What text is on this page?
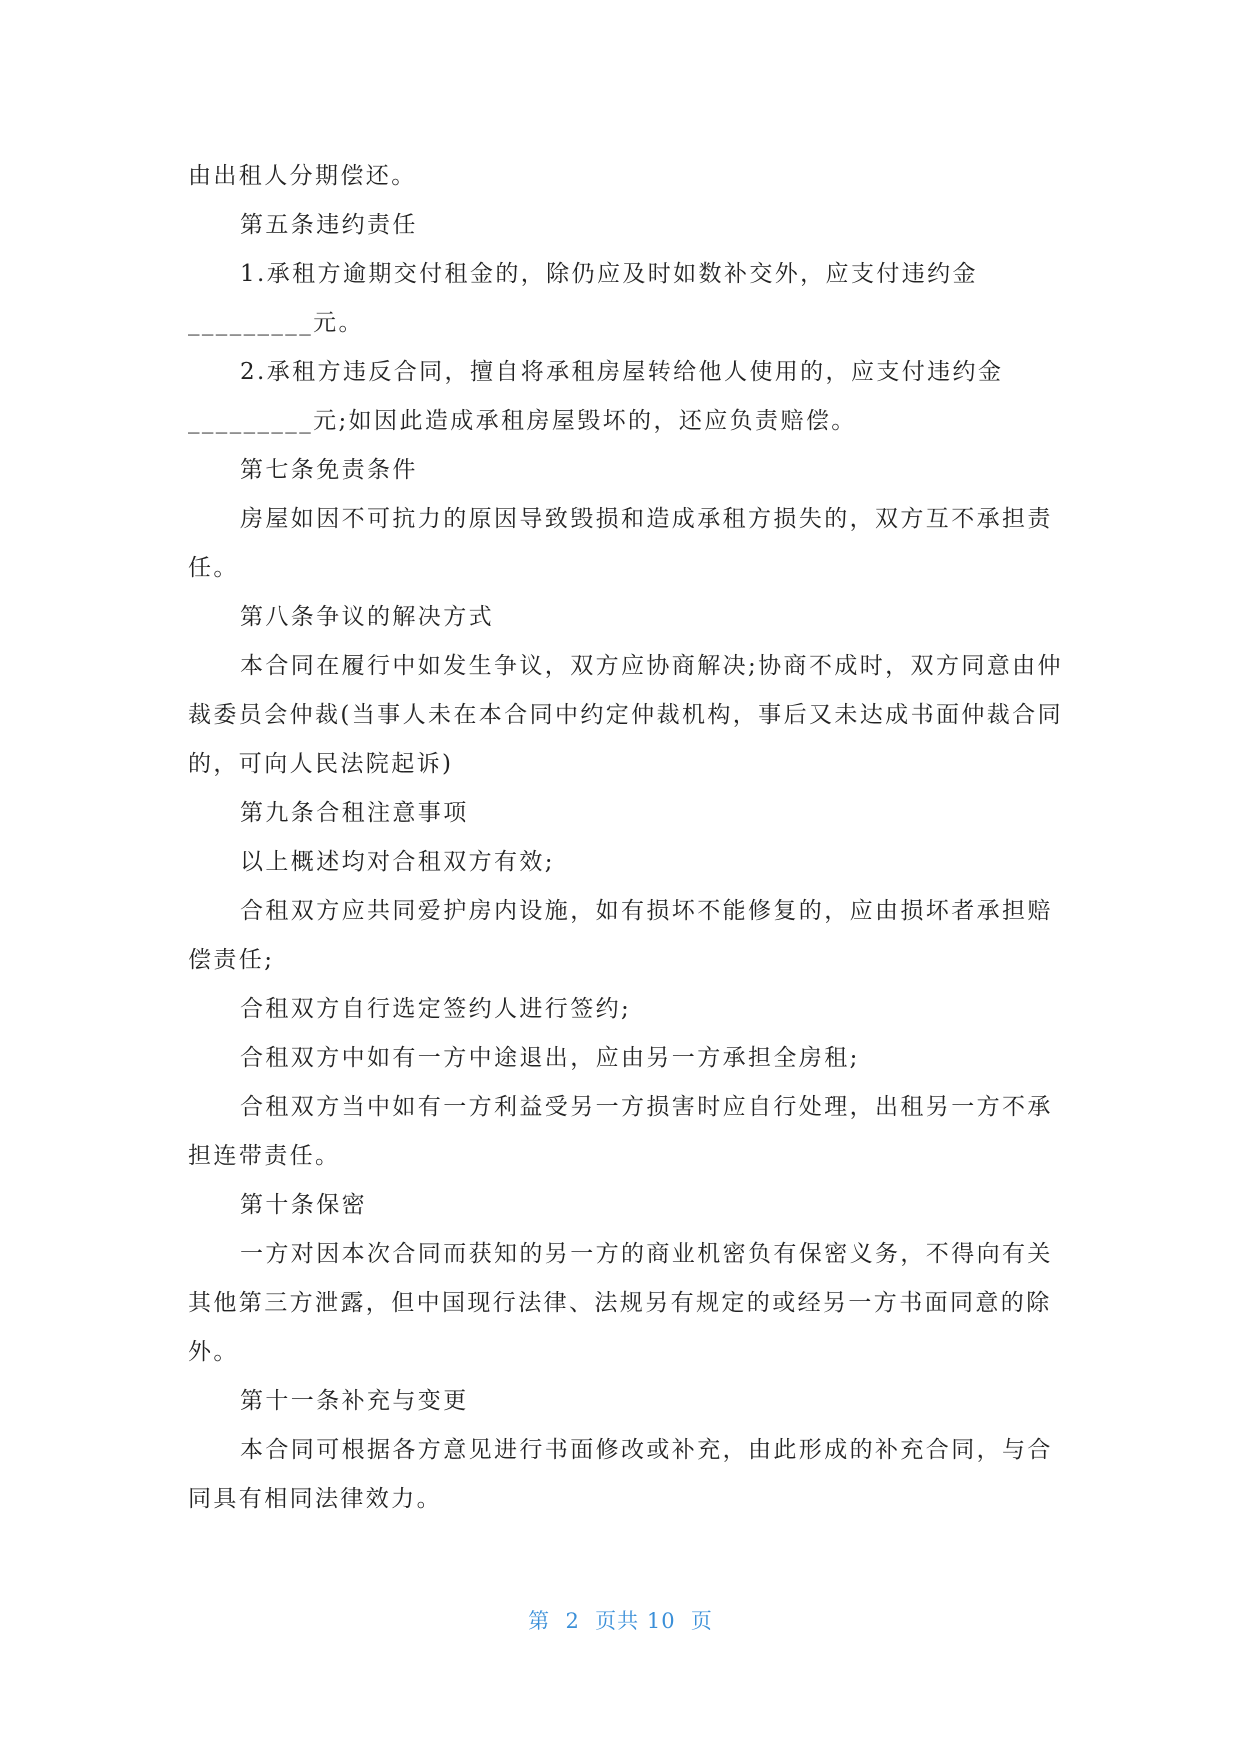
由出租人分期偿还。
第五条违约责任
1.承租方逾期交付租金的，除仍应及时如数补交外，应支付违约金
_________元。
2.承租方违反合同，擅自将承租房屋转给他人使用的，应支付违约金
_________元;如因此造成承租房屋毁坏的，还应负责赔偿。
第七条免责条件
房屋如因不可抗力的原因导致毁损和造成承租方损失的，双方互不承担责
任。
第八条争议的解决方式
本合同在履行中如发生争议，双方应协商解决;协商不成时，双方同意由仲
裁委员会仲裁(当事人未在本合同中约定仲裁机构，事后又未达成书面仲裁合同
的，可向人民法院起诉)
第九条合租注意事项
以上概述均对合租双方有效;
合租双方应共同爱护房内设施，如有损坏不能修复的，应由损坏者承担赔
偿责任;
合租双方自行选定签约人进行签约;
合租双方中如有一方中途退出，应由另一方承担全房租;
合租双方当中如有一方利益受另一方损害时应自行处理，出租另一方不承
担连带责任。
第十条保密
一方对因本次合同而获知的另一方的商业机密负有保密义务，不得向有关
其他第三方泄露，但中国现行法律、法规另有规定的或经另一方书面同意的除
外。
第十一条补充与变更
本合同可根据各方意见进行书面修改或补充，由此形成的补充合同，与合
同具有相同法律效力。
第  2  页共 10  页
